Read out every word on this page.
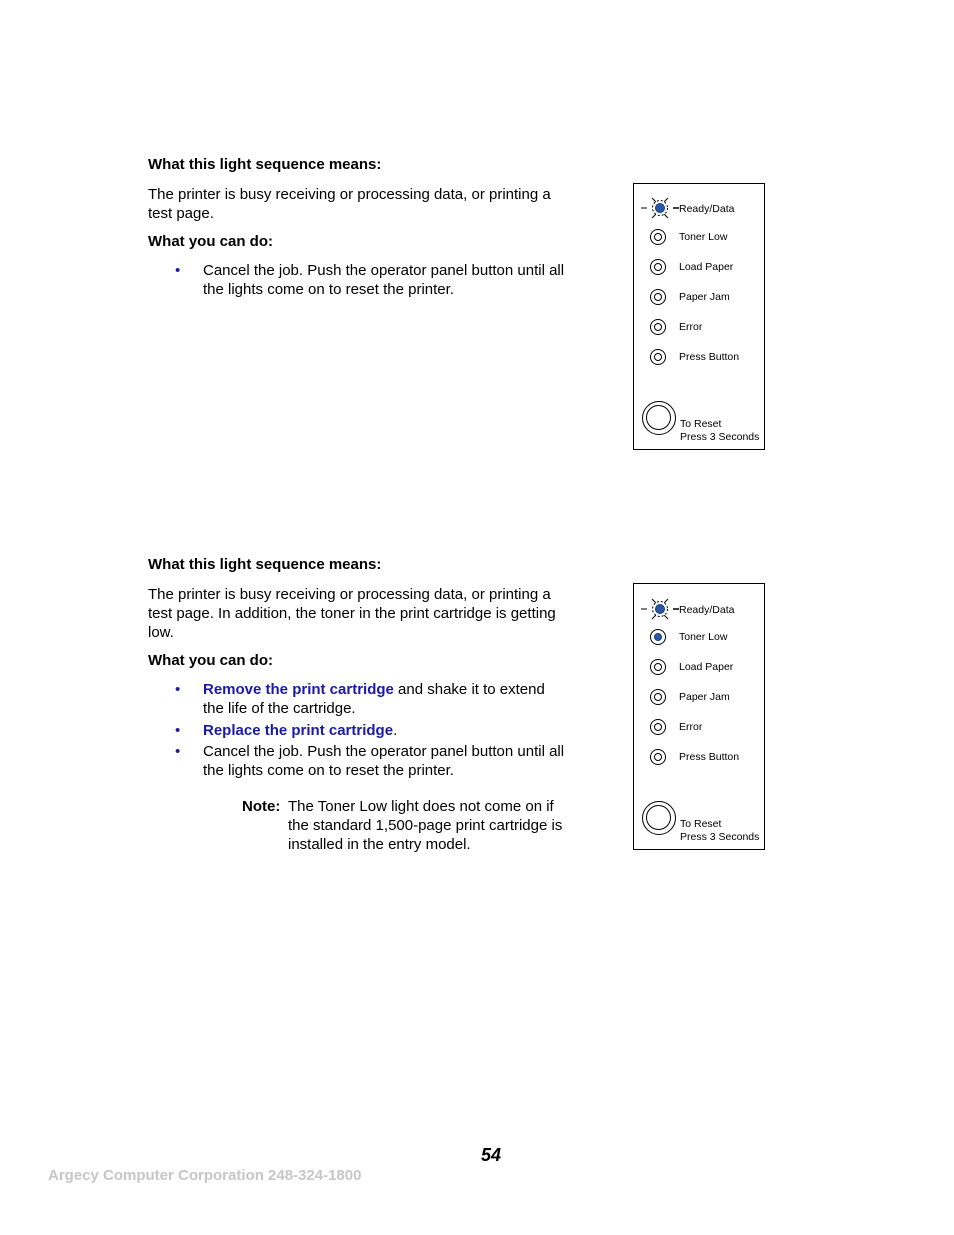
What this light sequence means:
The printer is busy receiving or processing data, or printing a test page.
What you can do:
• Cancel the job. Push the operator panel button until all the lights come on to reset the printer.
Ready/Data
Toner Low
Load Paper
Paper Jam
Error
Press Button
To Reset
Press 3 Seconds
What this light sequence means:
The printer is busy receiving or processing data, or printing a test page. In addition, the toner in the print cartridge is getting low.
What you can do:
• Remove the print cartridge and shake it to extend the life of the cartridge.
• Replace the print cartridge.
• Cancel the job. Push the operator panel button until all the lights come on to reset the printer.
Note: The Toner Low light does not come on if the standard 1,500-page print cartridge is installed in the entry model.
Ready/Data
Toner Low
Load Paper
Paper Jam
Error
Press Button
To Reset
Press 3 Seconds
54
Argecy Computer Corporation 248-324-1800
